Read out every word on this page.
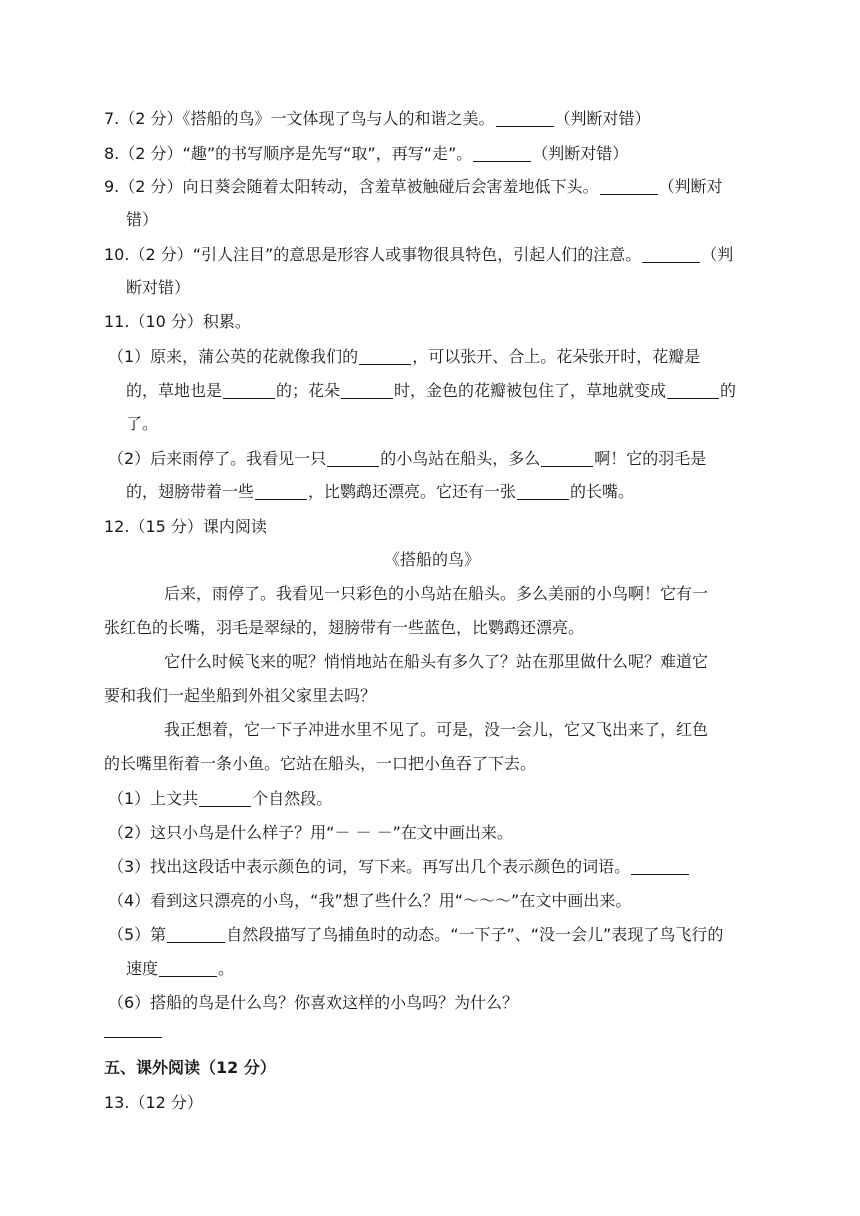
7.（2 分）《搭船的鸟》一文体现了鸟与人的和谐之美。	（判断对错）
8.（2 分）“趣”的书写顺序是先写“取”，再写“走”。	（判断对错）
9.（2 分）向日葵会随着太阳转动，含羞草被触碰后会害羞地低下头。	（判断对
错）
10.（2 分）“引人注目”的意思是形容人或事物很具特色，引起人们的注意。	（判
断对错）
11.（10 分）积累。
（1）原来，蒲公英的花就像我们的	，可以张开、合上。花朵张开时，花瓣是
的，草地也是	的；花朵	时，金色的花瓣被包住了，草地就变成	的
了。
（2）后来雨停了。我看见一只	的小鸟站在船头，多么	啊！它的羽毛是
的，翅膀带着一些	，比鹦鹉还漂亮。它还有一张	的长嘴。
12.（15 分）课内阅读
《搭船的鸟》
后来，雨停了。我看见一只彩色的小鸟站在船头。多么美丽的小鸟啊！它有一
张红色的长嘴，羽毛是翠绿的，翅膀带有一些蓝色，比鹦鹉还漂亮。
它什么时候飞来的呢？悄悄地站在船头有多久了？站在那里做什么呢？难道它
要和我们一起坐船到外祖父家里去吗？
我正想着，它一下子冲进水里不见了。可是，没一会儿，它又飞出来了，红色
的长嘴里衔着一条小鱼。它站在船头，一口把小鱼吞了下去。
（1）上文共	个自然段。
（2）这只小鸟是什么样子？用“－ － －”在文中画出来。
（3）找出这段话中表示颜色的词，写下来。再写出几个表示颜色的词语。
（4）看到这只漂亮的小鸟，“我”想了些什么？用“～～～”在文中画出来。
（5）第	自然段描写了鸟捕鱼时的动态。“一下子”、“没一会儿”表现了鸟飞行的
速度	。
（6）搭船的鸟是什么鸟？你喜欢这样的小鸟吗？为什么？
五、课外阅读（12 分）
13.（12 分）
